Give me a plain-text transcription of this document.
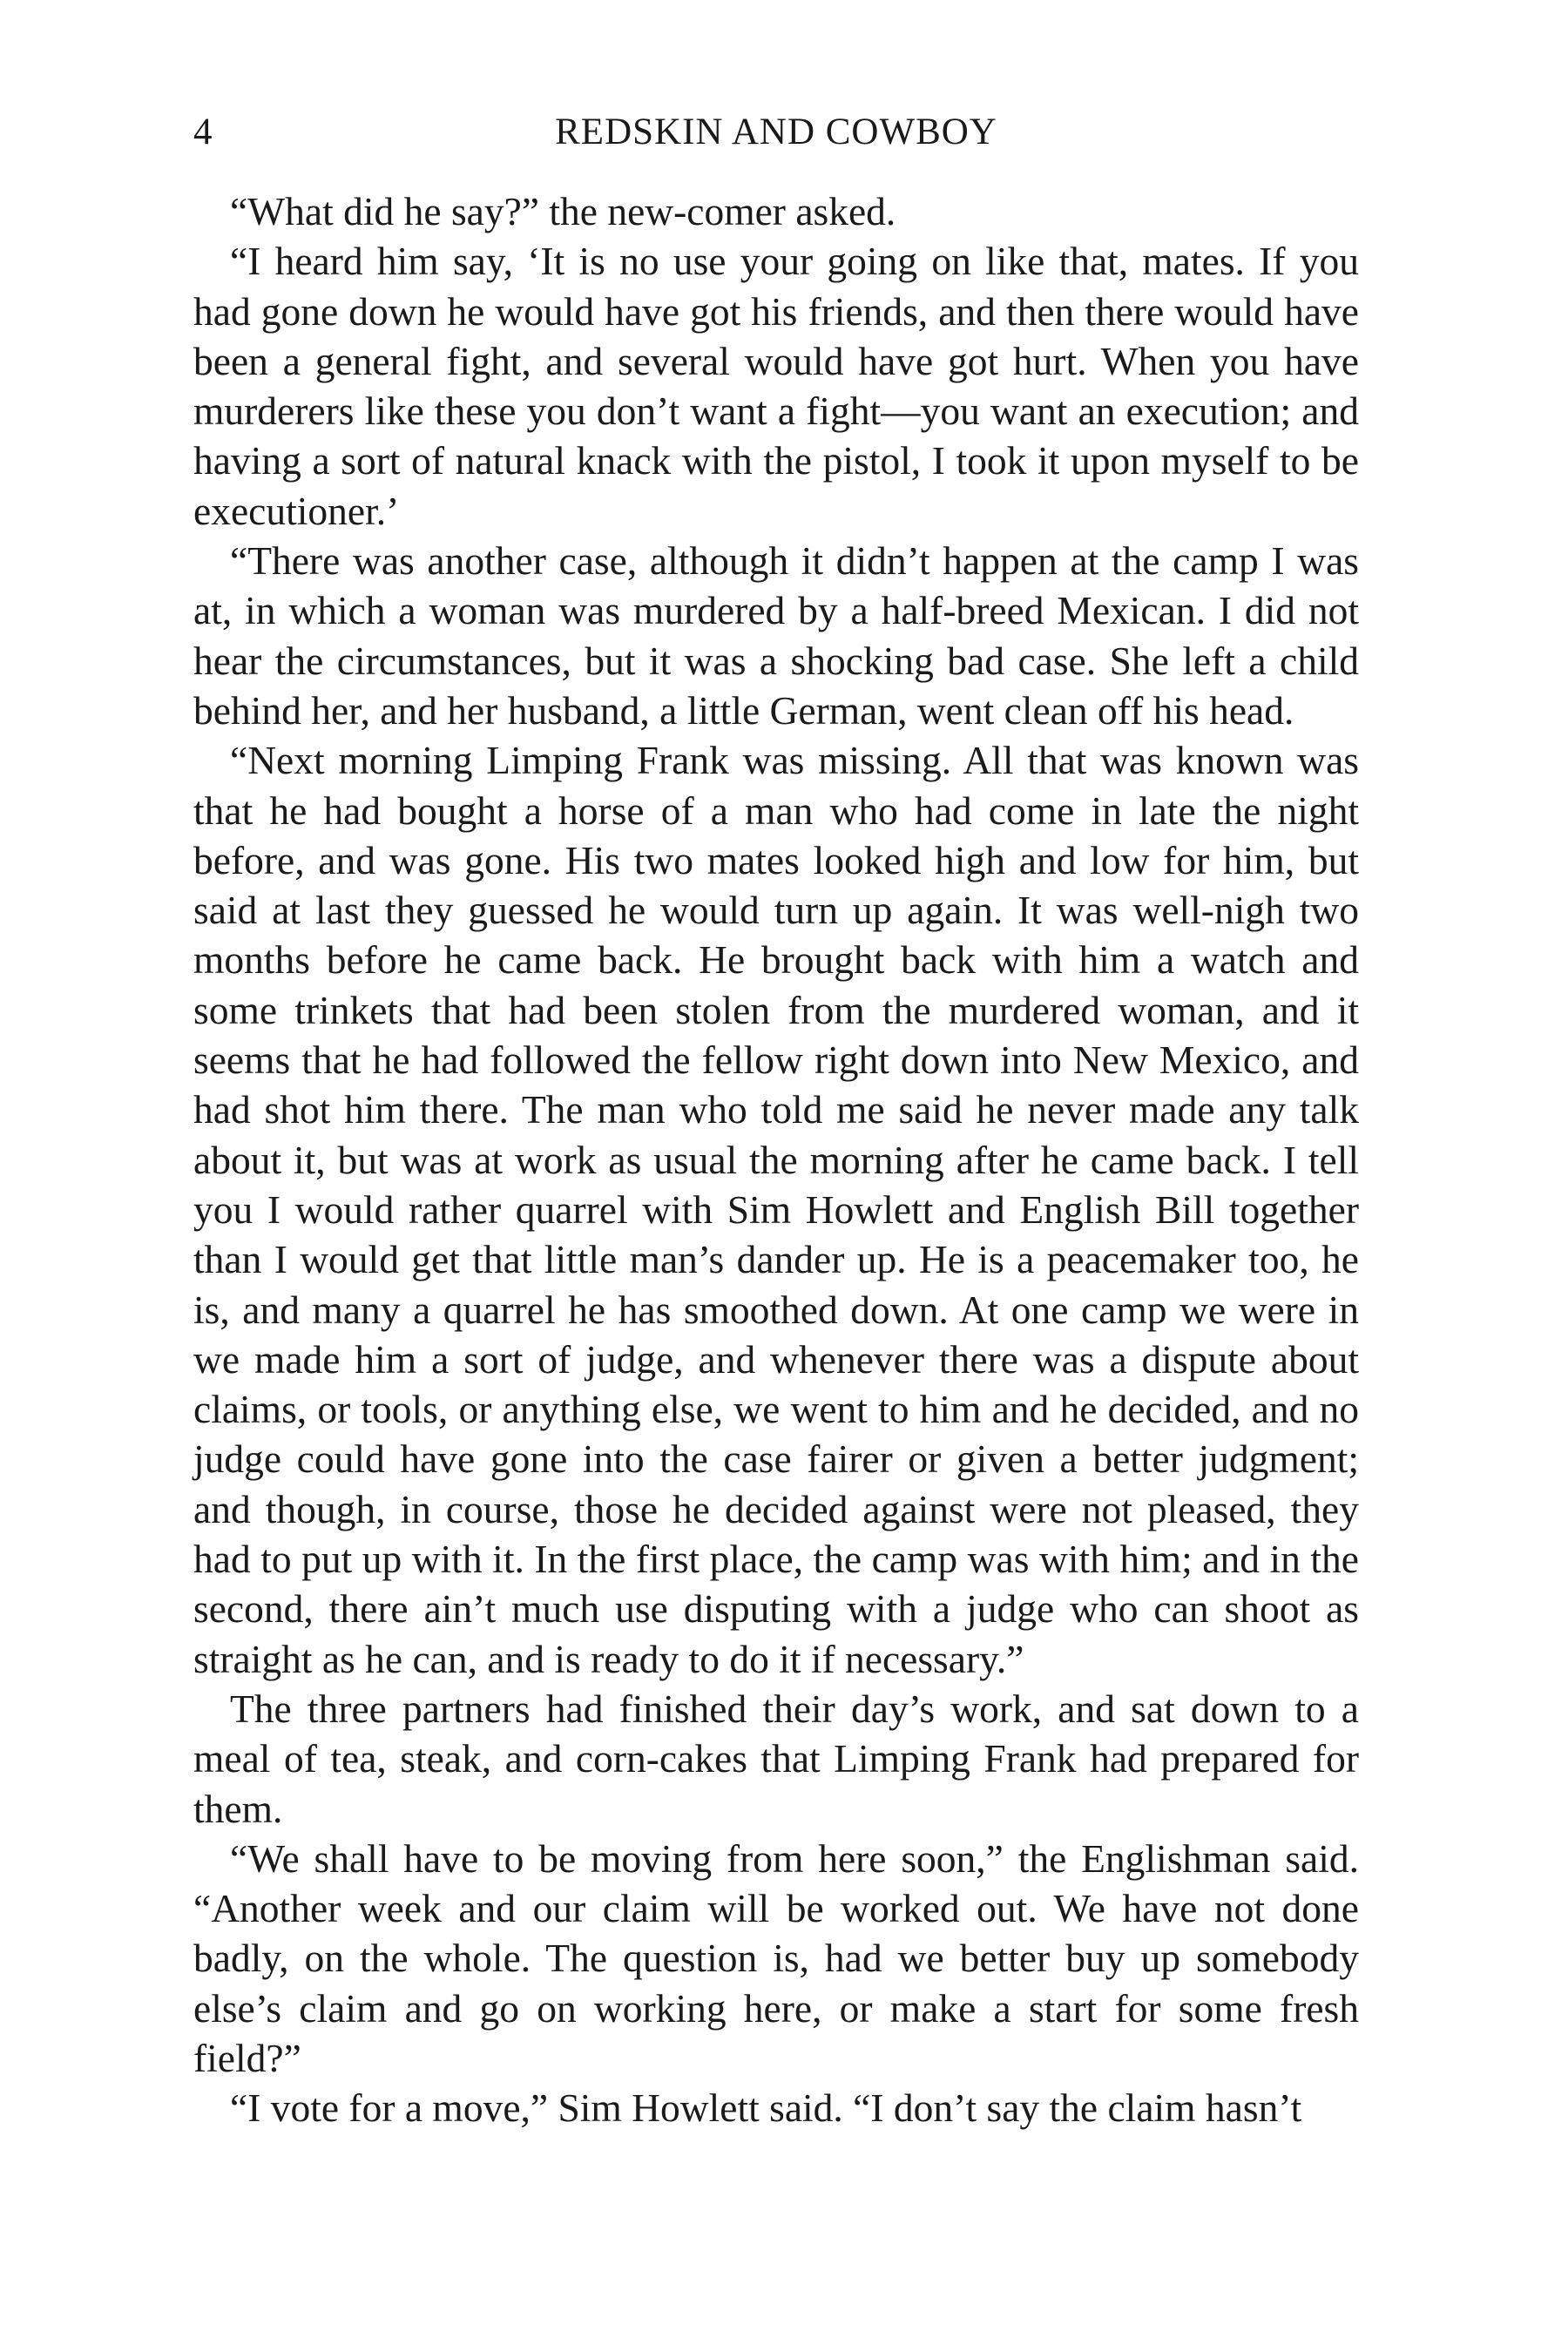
4	REDSKIN AND COWBOY

“What did he say?” the new-comer asked.

“I heard him say, ‘It is no use your going on like that, mates. If you had gone down he would have got his friends, and then there would have been a general fight, and several would have got hurt. When you have murderers like these you don’t want a fight—you want an execution; and having a sort of natural knack with the pistol, I took it upon myself to be executioner.’

“There was another case, although it didn’t happen at the camp I was at, in which a woman was murdered by a half-breed Mexican. I did not hear the circumstances, but it was a shocking bad case. She left a child behind her, and her husband, a little German, went clean off his head.

“Next morning Limping Frank was missing. All that was known was that he had bought a horse of a man who had come in late the night before, and was gone. His two mates looked high and low for him, but said at last they guessed he would turn up again. It was well-nigh two months before he came back. He brought back with him a watch and some trinkets that had been stolen from the murdered woman, and it seems that he had followed the fellow right down into New Mexico, and had shot him there. The man who told me said he never made any talk about it, but was at work as usual the morning after he came back. I tell you I would rather quarrel with Sim Howlett and English Bill together than I would get that little man’s dander up. He is a peacemaker too, he is, and many a quarrel he has smoothed down. At one camp we were in we made him a sort of judge, and whenever there was a dispute about claims, or tools, or anything else, we went to him and he decided, and no judge could have gone into the case fairer or given a better judgment; and though, in course, those he decided against were not pleased, they had to put up with it. In the first place, the camp was with him; and in the second, there ain’t much use disputing with a judge who can shoot as straight as he can, and is ready to do it if necessary.”

The three partners had finished their day’s work, and sat down to a meal of tea, steak, and corn-cakes that Limping Frank had prepared for them.

“We shall have to be moving from here soon,” the Englishman said. “Another week and our claim will be worked out. We have not done badly, on the whole. The question is, had we better buy up somebody else’s claim and go on working here, or make a start for some fresh field?”

“I vote for a move,” Sim Howlett said. “I don’t say the claim hasn’t
